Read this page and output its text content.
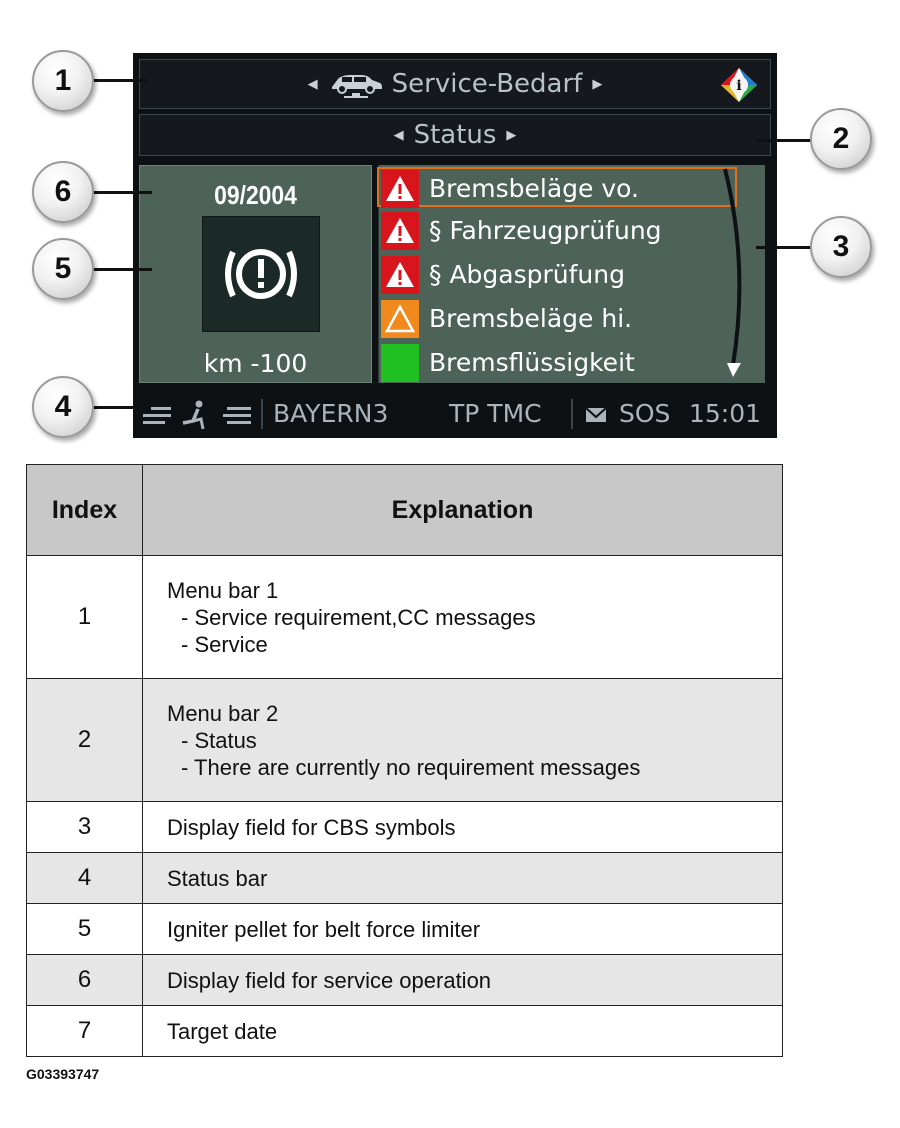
◀	Service-Bedarf ▶	i
◀ Status ▶
09/2004
km -100
Bremsbeläge vo.
§ Fahrzeugprüfung
§ Abgasprüfung
Bremsbeläge hi.
Bremsflüssigkeit
BAYERN3 TP TMC	SOS 15:01
1
2
3
4
5
6
Index	Explanation
1	Menu bar 1
- Service requirement,CC messages
- Service

2	Menu bar 2
- Status
- There are currently no requirement messages

3	Display field for CBS symbols
4	Status bar
5	Igniter pellet for belt force limiter
6	Display field for service operation
7	Target date
G03393747
